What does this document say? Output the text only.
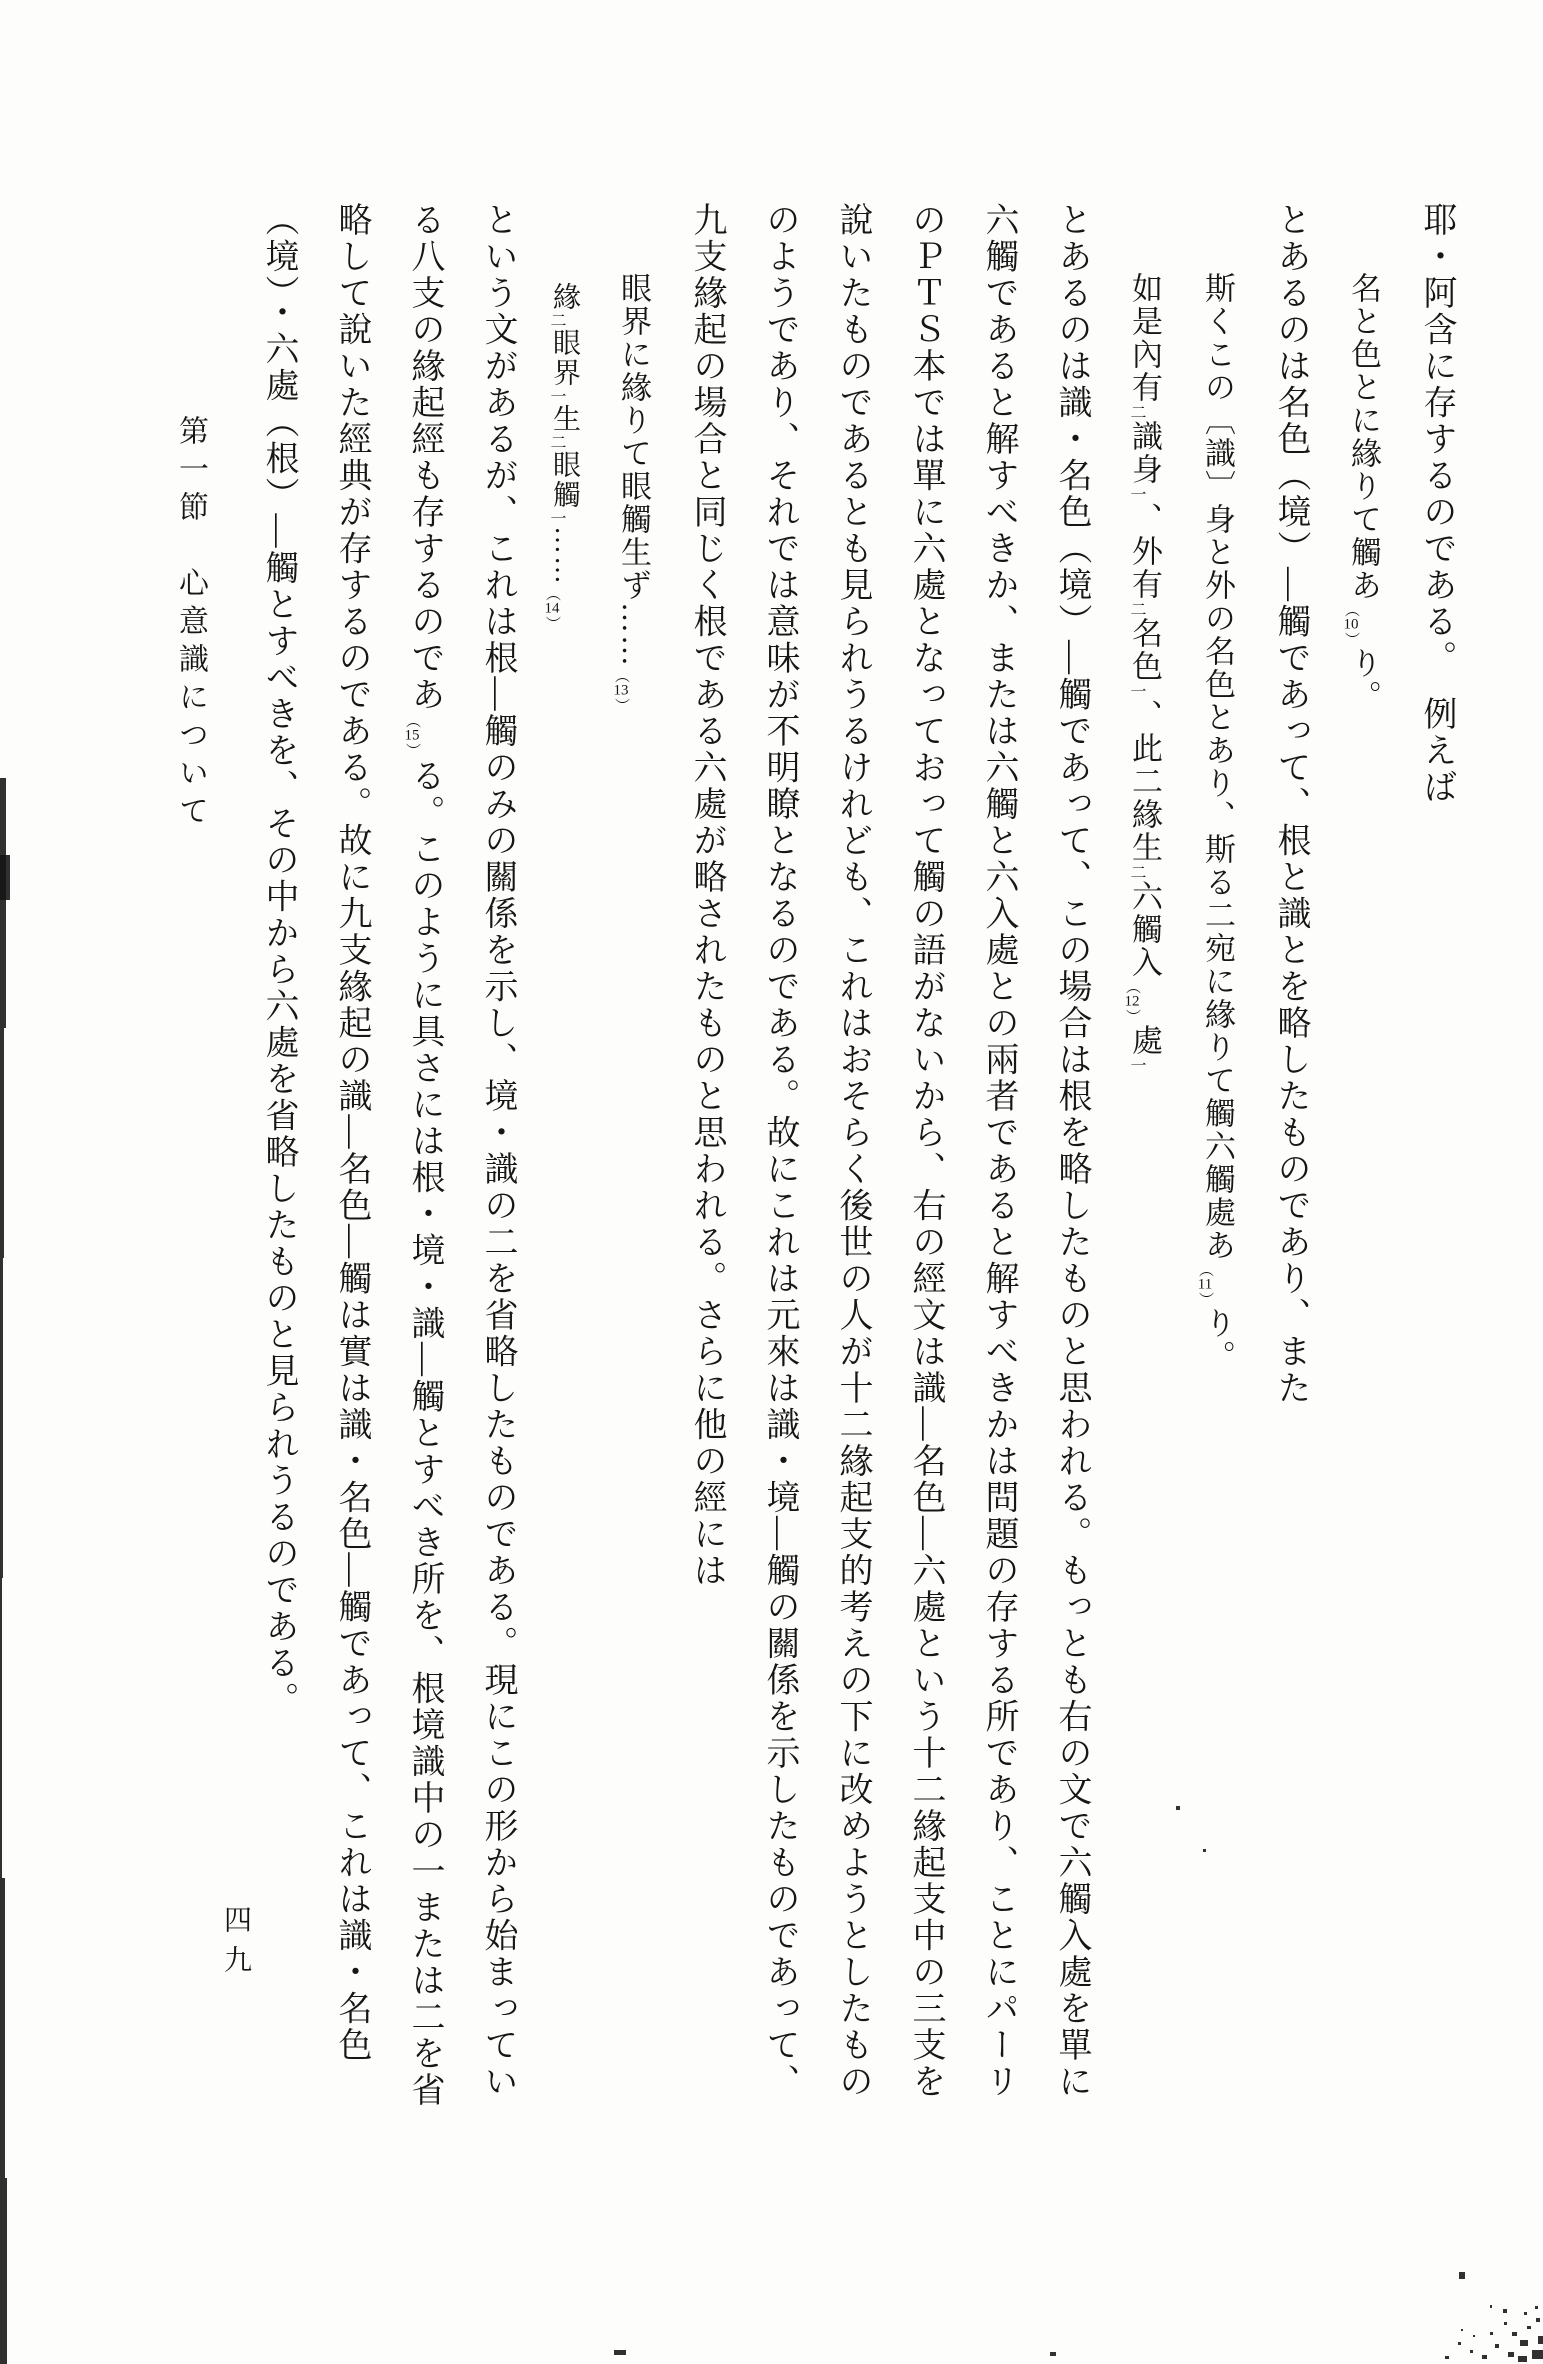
耶・阿含に存するのである。　例えば
名と色とに緣りて觸あ（10）り。
とあるのは名色（境）—觸であって、根と識とを略したものであり、また
斯くこの〔識〕身と外の名色とあり、斯る二宛に緣りて觸六觸處あ（11）り。
如是內有二識身一、外有二名色一、此二緣生二六觸入（12）處一
とあるのは識・名色（境）—觸であって、この場合は根を略したものと思われる。もっとも右の文で六觸入處を單に
六觸であると解すべきか、または六觸と六入處との兩者であると解すべきかは問題の存する所であり、ことにパーリ
のＰＴＳ本では單に六處となっておって觸の語がないから、右の經文は識—名色—六處という十二緣起支中の三支を
說いたものであるとも見られうるけれども、これはおそらく後世の人が十二緣起支的考えの下に改めようとしたもの
のようであり、それでは意味が不明瞭となるのである。故にこれは元來は識・境—觸の關係を示したものであって、
九支緣起の場合と同じく根である六處が略されたものと思われる。さらに他の經には
眼界に緣りて眼觸生ず……（13）
緣二眼界一生二眼觸一……（14）
という文があるが、これは根—觸のみの關係を示し、境・識の二を省略したものである。現にこの形から始まってい
る八支の緣起經も存するのであ（15）る。このように具さには根・境・識—觸とすべき所を、根境識中の一または二を省
略して說いた經典が存するのである。故に九支緣起の識—名色—觸は實は識・名色—觸であって、これは識・名色
（境）・六處（根）—觸とすべきを、その中から六處を省略したものと見られうるのである。
第一節　心意識について
四九
